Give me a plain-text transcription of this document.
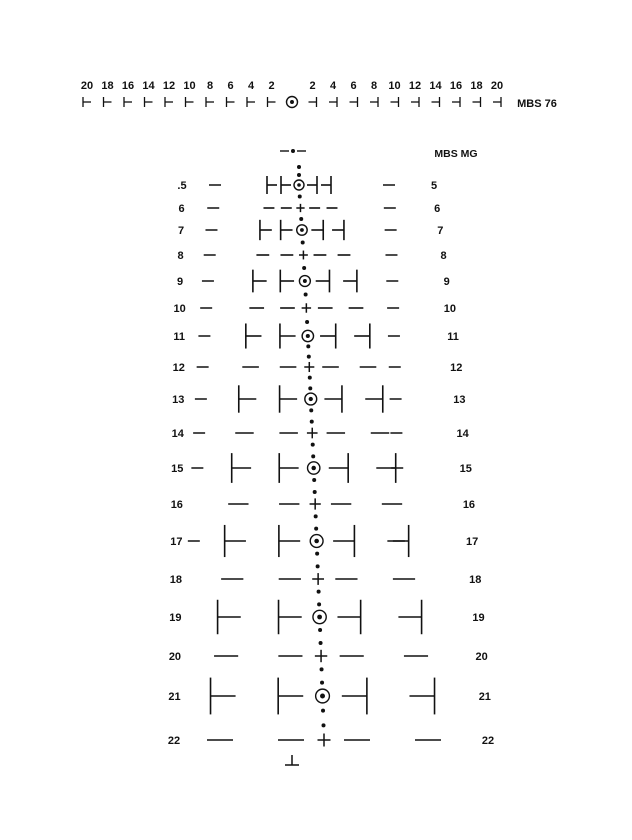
20 18 16 14 12 10 8 6 4 2	2 4 6 8 10 12 14 16 18 20
MBS 76
MBS MG
.5	5
6	6
7	7
8	8
9	9
10	10
11	11
12	12
13	13
14	14
15	15
16	16
17	17
18	18
19	19
20	20
21	21
22	22
